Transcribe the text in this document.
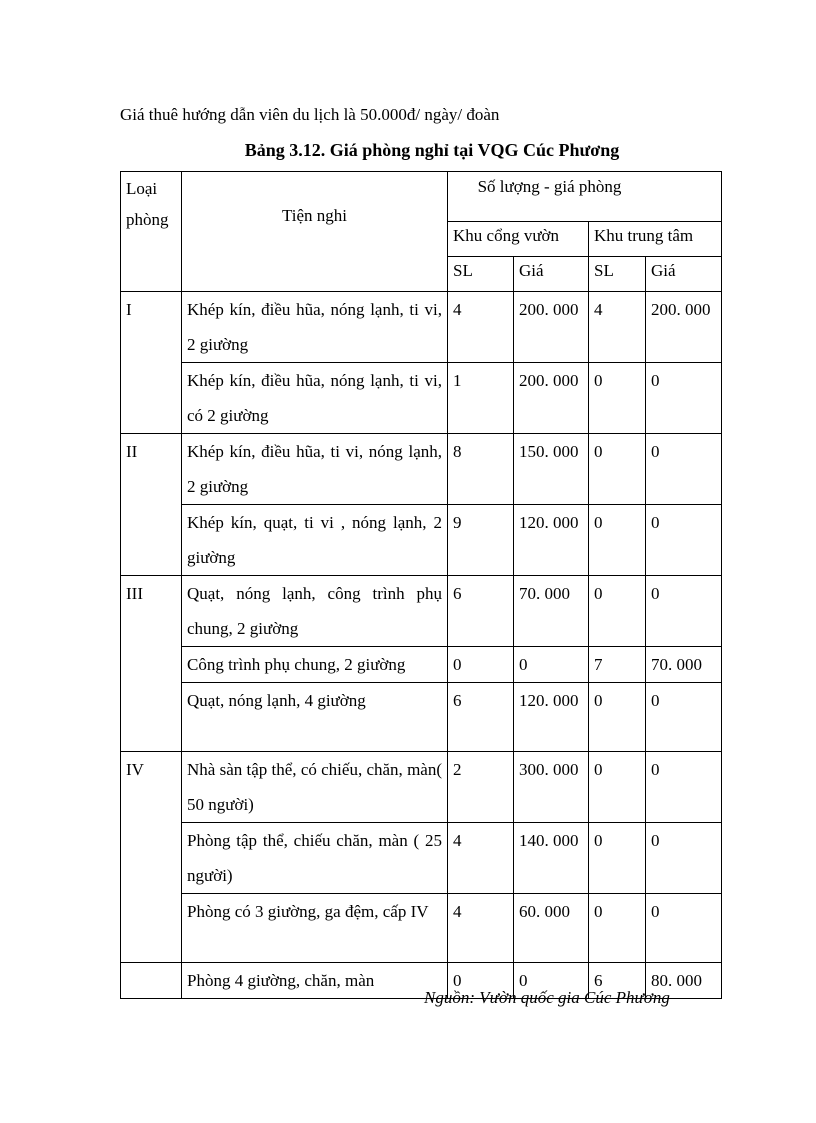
Giá thuê hướng dẫn viên du lịch là 50.000đ/ ngày/ đoàn
Bảng 3.12. Giá phòng nghỉ tại VQG Cúc Phương
Loại phòng	Tiện nghi	Số lượng - giá phòng			
		Khu cổng vườn		Khu trung tâm	
		SL	Giá	SL	Giá
I	Khép kín, điều hũa, nóng lạnh, ti vi, 2 giường	4	200. 000	4	200. 000
	Khép kín, điều hũa, nóng lạnh, ti vi, có 2 giường	1	200. 000	0	0
II	Khép kín, điều hũa, ti vi, nóng lạnh, 2 giường	8	150. 000	0	0
	Khép kín, quạt, ti vi , nóng lạnh, 2 giường	9	120. 000	0	0
III	Quạt, nóng lạnh, công trình phụ chung, 2 giường	6	70. 000	0	0
	Công trình phụ chung, 2 giường	0	0	7	70. 000
	Quạt, nóng lạnh, 4 giường	6	120. 000	0	0
IV	Nhà sàn tập thể, có chiếu, chăn, màn( 50 người)	2	300. 000	0	0
	Phòng tập thể, chiếu chăn, màn ( 25 người)	4	140. 000	0	0
	Phòng có 3 giường, ga đệm, cấp IV	4	60. 000	0	0
	Phòng 4 giường, chăn, màn	0	0	6	80. 000
Nguồn: Vườn quốc gia Cúc Phương
